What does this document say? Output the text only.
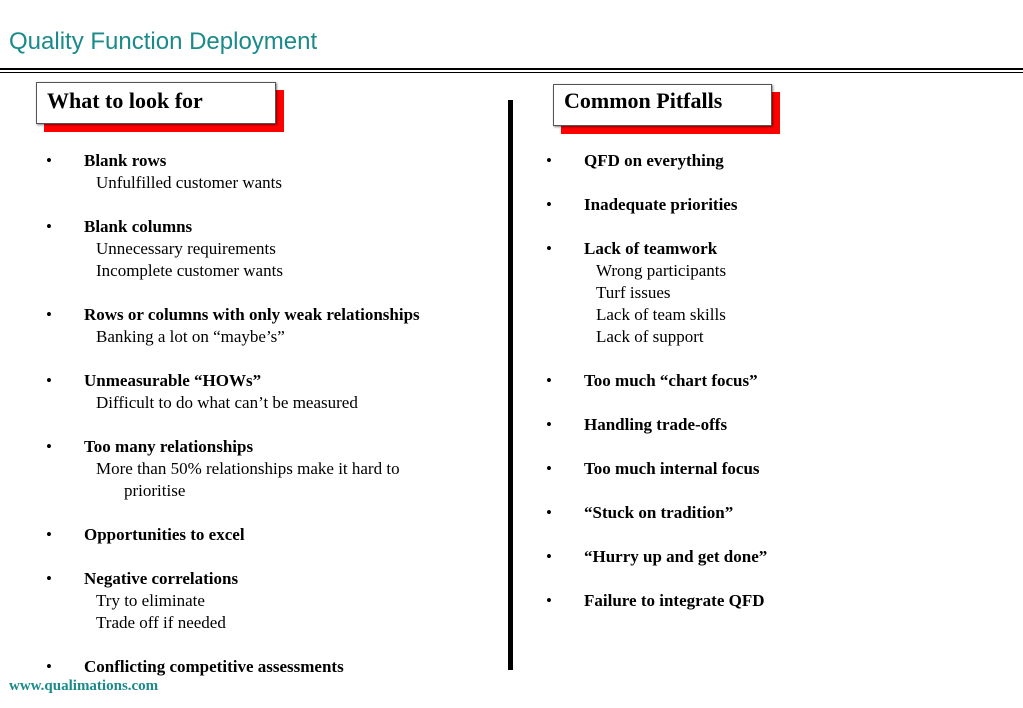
Quality Function Deployment
What to look for	Common Pitfalls
• Blank rows
Unfulfilled customer wants
• Blank columns
Unnecessary requirements
Incomplete customer wants
• Rows or columns with only weak relationships
Banking a lot on “maybe’s”
• Unmeasurable “HOWs”
Difficult to do what can’t be measured
• Too many relationships
More than 50% relationships make it hard to
prioritise
• Opportunities to excel
• Negative correlations
Try to eliminate
Trade off if needed
• Conflicting competitive assessments
• QFD on everything
• Inadequate priorities
• Lack of teamwork
Wrong participants
Turf issues
Lack of team skills
Lack of support
• Too much “chart focus”
• Handling trade-offs
• Too much internal focus
• “Stuck on tradition”
• “Hurry up and get done”
• Failure to integrate QFD
www.qualimations.com
